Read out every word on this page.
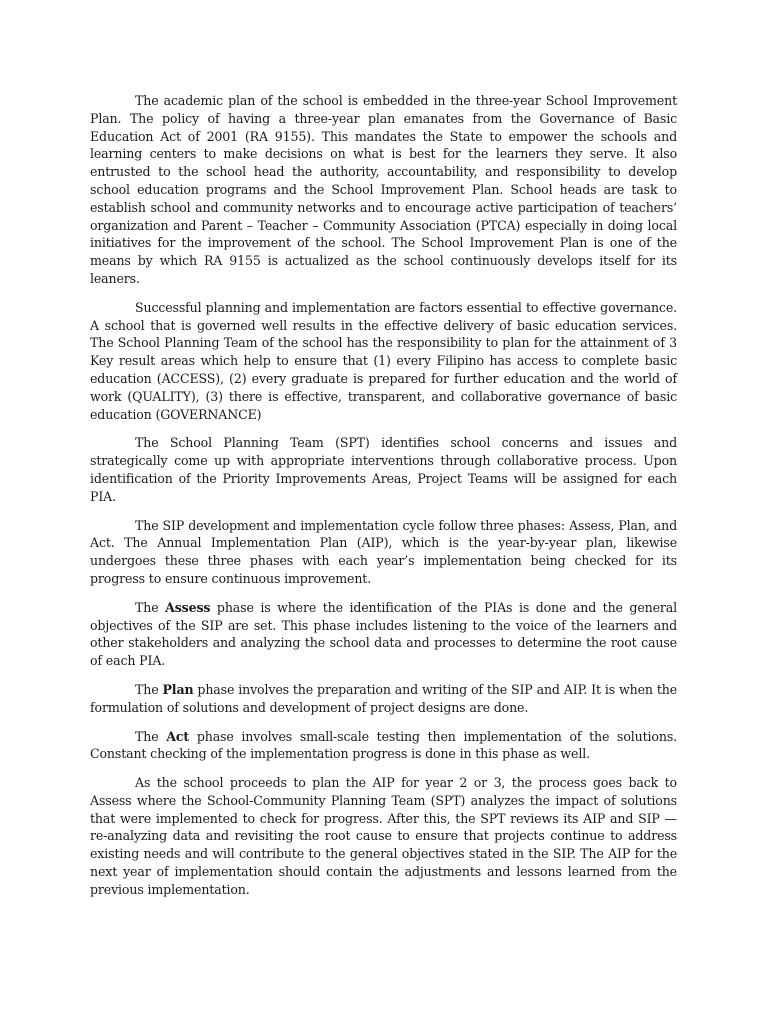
The academic plan of the school is embedded in the three-year School Improvement Plan. The policy of having a three-year plan emanates from the Governance of Basic Education Act of 2001 (RA 9155). This mandates the State to empower the schools and learning centers to make decisions on what is best for the learners they serve. It also entrusted to the school head the authority, accountability, and responsibility to develop school education programs and the School Improvement Plan. School heads are task to establish school and community networks and to encourage active participation of teachers’ organization and Parent – Teacher – Community Association (PTCA) especially in doing local initiatives for the improvement of the school. The School Improvement Plan is one of the means by which RA 9155 is actualized as the school continuously develops itself for its leaners.

Successful planning and implementation are factors essential to effective governance. A school that is governed well results in the effective delivery of basic education services. The School Planning Team of the school has the responsibility to plan for the attainment of 3 Key result areas which help to ensure that (1) every Filipino has access to complete basic education (ACCESS), (2) every graduate is prepared for further education and the world of work (QUALITY), (3) there is effective, transparent, and collaborative governance of basic education (GOVERNANCE)

The School Planning Team (SPT) identifies school concerns and issues and strategically come up with appropriate interventions through collaborative process. Upon identification of the Priority Improvements Areas, Project Teams will be assigned for each PIA.

The SIP development and implementation cycle follow three phases: Assess, Plan, and Act. The Annual Implementation Plan (AIP), which is the year-by-year plan, likewise undergoes these three phases with each year’s implementation being checked for its progress to ensure continuous improvement.

The Assess phase is where the identification of the PIAs is done and the general objectives of the SIP are set. This phase includes listening to the voice of the learners and other stakeholders and analyzing the school data and processes to determine the root cause of each PIA.

The Plan phase involves the preparation and writing of the SIP and AIP. It is when the formulation of solutions and development of project designs are done.

The Act phase involves small-scale testing then implementation of the solutions. Constant checking of the implementation progress is done in this phase as well.

As the school proceeds to plan the AIP for year 2 or 3, the process goes back to Assess where the School-Community Planning Team (SPT) analyzes the impact of solutions that were implemented to check for progress. After this, the SPT reviews its AIP and SIP — re-analyzing data and revisiting the root cause to ensure that projects continue to address existing needs and will contribute to the general objectives stated in the SIP. The AIP for the next year of implementation should contain the adjustments and lessons learned from the previous implementation.
